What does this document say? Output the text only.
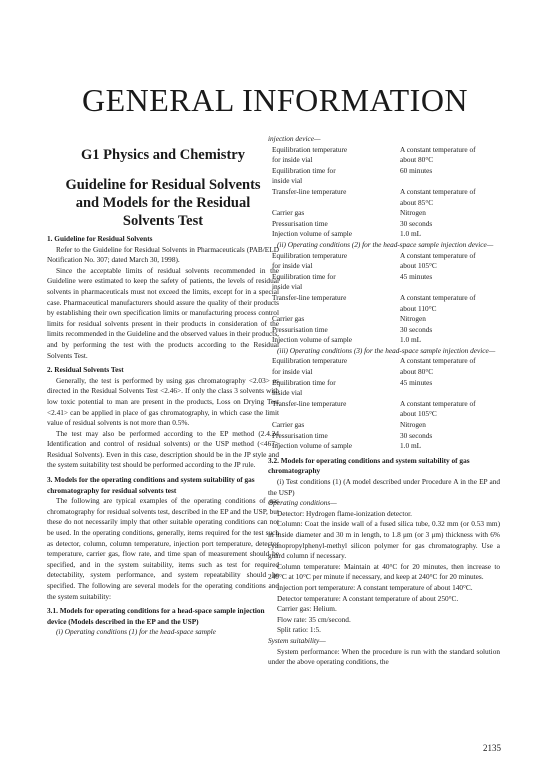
GENERAL INFORMATION
G1 Physics and Chemistry
Guideline for Residual Solvents
and Models for the Residual
Solvents Test
1. Guideline for Residual Solvents

Refer to the Guideline for Residual Solvents in Pharmaceuticals (PAB/ELD Notification No. 307; dated March 30, 1998).

Since the acceptable limits of residual solvents recommended in the Guideline were estimated to keep the safety of patients, the levels of residual solvents in pharmaceuticals must not exceed the limits, except for in a special case. Pharmaceutical manufacturers should assure the quality of their products by establishing their own specification limits or manufacturing process control limits for residual solvents present in their products in consideration of the limits recommended in the Guideline and the observed values in their products, and by performing the test with the products according to the Residual Solvents Test.

2. Residual Solvents Test

Generally, the test is performed by using gas chromatography <2.03> as directed in the Residual Solvents Test <2.46>. If only the class 3 solvents with low toxic potential to man are present in the products, Loss on Drying Test <2.41> can be applied in place of gas chromatography, in which case the limit value of residual solvents is not more than 0.5%.

The test may also be performed according to the EP method (2.4.24 Identification and control of residual solvents) or the USP method (<467> Residual Solvents). Even in this case, description should be in the JP style and the system suitability test should be performed according to the JP rule.

3. Models for the operating conditions and system suitability of gas chromatography for residual solvents test

The following are typical examples of the operating conditions of gas chromatography for residual solvents test, described in the EP and the USP, but these do not necessarily imply that other suitable operating conditions can not be used. In the operating conditions, generally, items required for the test such as detector, column, column temperature, injection port temperature, detector temperature, carrier gas, flow rate, and time span of measurement should be specified, and in the system suitability, items such as test for required detectability, system performance, and system repeatability should be specified. The following are several models for the operating conditions and the system suitability:

3.1. Models for operating conditions for a head-space sample injection device (Models described in the EP and the USP)

(i) Operating conditions (1) for the head-space sample

injection device—

Equilibration temperature	A constant temperature of
for inside vial	about 80°C
Equilibration time for	60 minutes
inside vial
Transfer-line temperature	A constant temperature of
about 85°C
Carrier gas	Nitrogen
Pressurisation time	30 seconds
Injection volume of sample	1.0 mL

(ii) Operating conditions (2) for the head-space sample injection device—

Equilibration temperature	A constant temperature of
for inside vial	about 105°C
Equilibration time for	45 minutes
inside vial
Transfer-line temperature	A constant temperature of
about 110°C
Carrier gas	Nitrogen
Pressurisation time	30 seconds
Injection volume of sample	1.0 mL

(iii) Operating conditions (3) for the head-space sample injection device—

Equilibration temperature	A constant temperature of
for inside vial	about 80°C
Equilibration time for	45 minutes
inside vial
Transfer-line temperature	A constant temperature of
about 105°C
Carrier gas	Nitrogen
Pressurisation time	30 seconds
Injection volume of sample	1.0 mL
3.2. Models for operating conditions and system suitability of gas chromatography

(i) Test conditions (1) (A model described under Procedure A in the EP and the USP)

Operating conditions—

Detector: Hydrogen flame-ionization detector.

Column: Coat the inside wall of a fused silica tube, 0.32 mm (or 0.53 mm) in inside diameter and 30 m in length, to 1.8 μm (or 3 μm) thickness with 6% cyanopropylphenyl-methyl silicon polymer for gas chromatography. Use a guard column if necessary.

Column temperature: Maintain at 40°C for 20 minutes, then increase to 240°C at 10°C per minute if necessary, and keep at 240°C for 20 minutes.

Injection port temperature: A constant temperature of about 140°C.

Detector temperature: A constant temperature of about 250°C.

Carrier gas: Helium.

Flow rate: 35 cm/second.

Split ratio: 1:5.

System suitability—

System performance: When the procedure is run with the standard solution under the above operating conditions, the

2135
